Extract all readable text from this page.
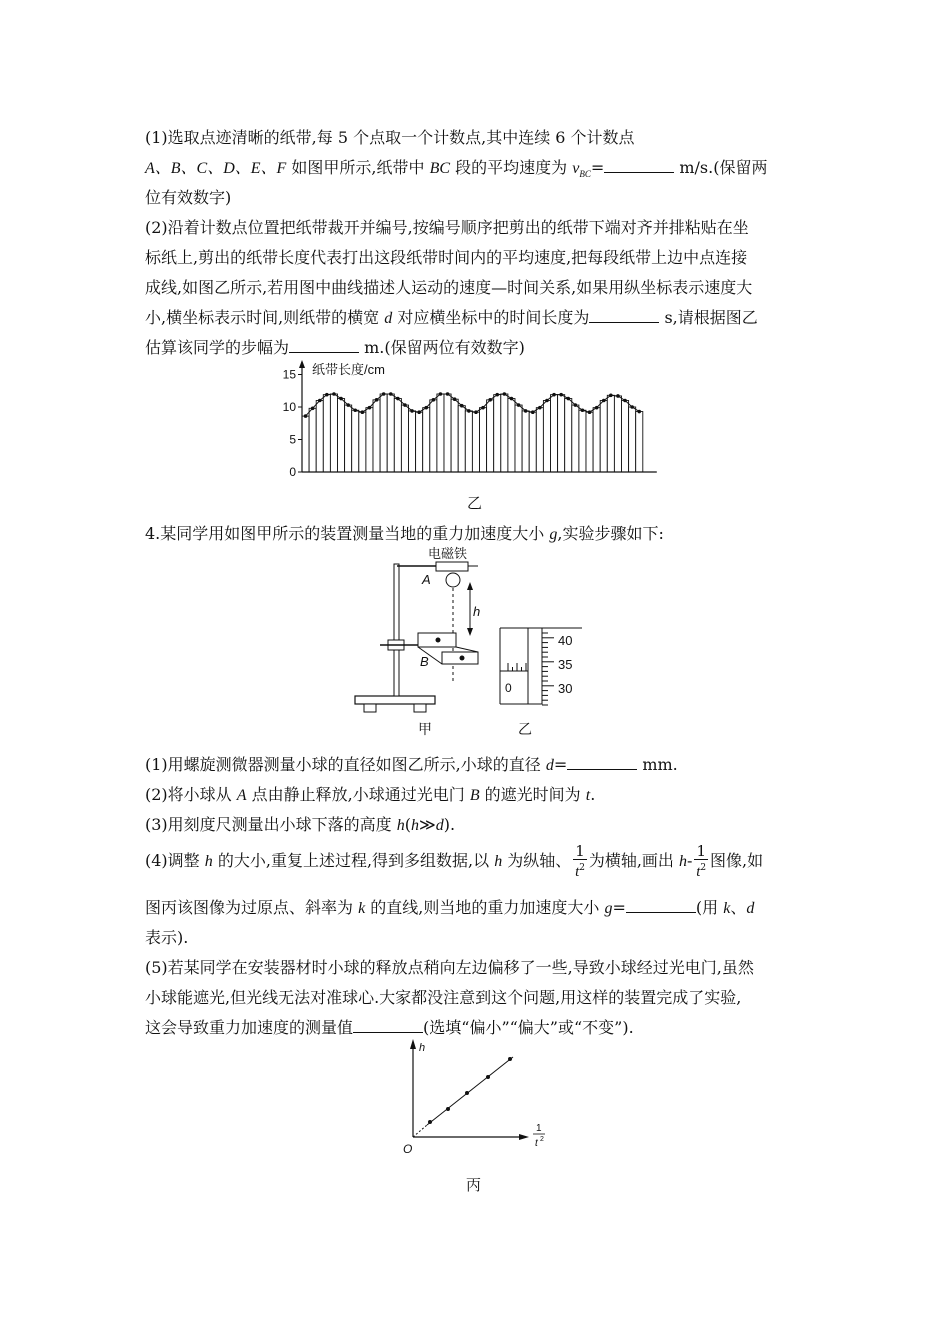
(1)选取点迹清晰的纸带,每 5 个点取一个计数点,其中连续 6 个计数点
A、B、C、D、E、F 如图甲所示,纸带中 BC 段的平均速度为 $v_{BC}=$	m/s.(保留两
位有效数字)
(2)沿着计数点位置把纸带裁开并编号,按编号顺序把剪出的纸带下端对齐并排粘贴在坐
标纸上,剪出的纸带长度代表打出这段纸带时间内的平均速度,把每段纸带上边中点连接
成线,如图乙所示,若用图中曲线描述人运动的速度—时间关系,如果用纵坐标表示速度大
小,横坐标表示时间,则纸带的横宽 d 对应横坐标中的时间长度为	s,请根据图乙
估算该同学的步幅为	m.(保留两位有效数字)
0
5
10
15 纸带长度/cm
乙
4.某同学用如图甲所示的装置测量当地的重力加速度大小 g,实验步骤如下:
电磁铁
A
h
B
40
35
30
0
甲	乙
(1)用螺旋测微器测量小球的直径如图乙所示,小球的直径 d=	mm.
(2)将小球从 A 点由静止释放,小球通过光电门 B 的遮光时间为 t.
(3)用刻度尺测量出小球下落的高度 h(h≫d).
(4)调整 h 的大小,重复上述过程,得到多组数据,以 h 为纵轴、 $\frac{1}{t^2}$ 为横轴,画出 $h- \frac{1}{t^2}$ 图像,如
图丙该图像为过原点、斜率为 k 的直线,则当地的重力加速度大小 g=	(用 k、d
表示).
(5)若某同学在安装器材时小球的释放点稍向左边偏移了一些,导致小球经过光电门,虽然
小球能遮光,但光线无法对准球心.大家都没注意到这个问题,用这样的装置完成了实验,
这会导致重力加速度的测量值	(选填“偏小”“偏大”或“不变”).
h
O
1
t 2
丙
